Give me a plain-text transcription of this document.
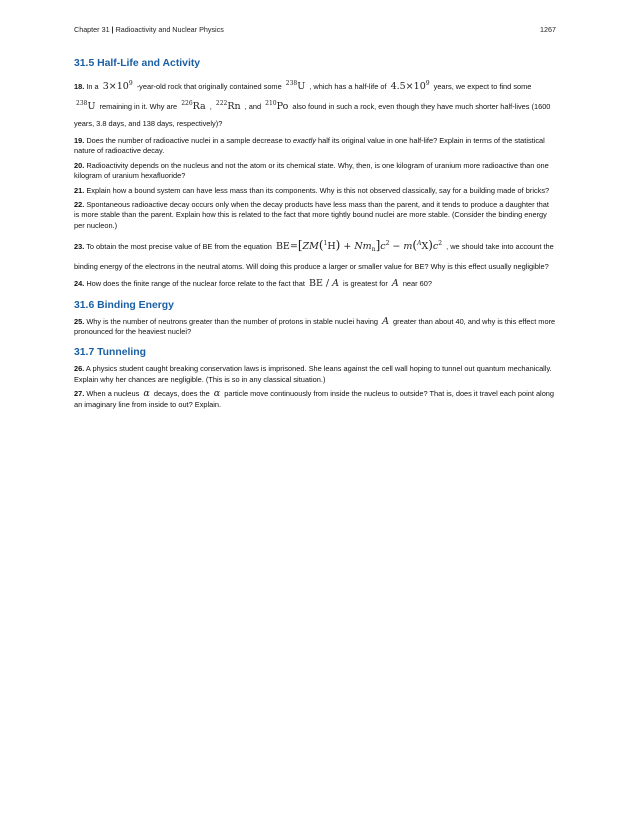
Chapter 31 | Radioactivity and Nuclear Physics	1267
31.5 Half-Life and Activity

18. In a $3\times 10^9$ -year-old rock that originally contained some $^{238}$U , which has a half-life of $4.5\times 10^9$ years, we expect to find some $^{238}$U remaining in it. Why are $^{226}$Ra , $^{222}$Rn , and $^{210}$Po also found in such a rock, even though they have much shorter half-lives (1600 years, 3.8 days, and 138 days, respectively)?

19. Does the number of radioactive nuclei in a sample decrease to exactly half its original value in one half-life? Explain in terms of the statistical nature of radioactive decay.

20. Radioactivity depends on the nucleus and not the atom or its chemical state. Why, then, is one kilogram of uranium more radioactive than one kilogram of uranium hexafluoride?

21. Explain how a bound system can have less mass than its components. Why is this not observed classically, say for a building made of bricks?

22. Spontaneous radioactive decay occurs only when the decay products have less mass than the parent, and it tends to produce a daughter that is more stable than the parent. Explain how this is related to the fact that more tightly bound nuclei are more stable. (Consider the binding energy per nucleon.)

23. To obtain the most precise value of BE from the equation $BE=[ZM(^1H) + Nm_n]c^2 - m(^AX)c^2$ , we should take into account the binding energy of the electrons in the neutral atoms. Will doing this produce a larger or smaller value for BE? Why is this effect usually negligible?

24. How does the finite range of the nuclear force relate to the fact that BE / A is greatest for A near 60?

31.6 Binding Energy

25. Why is the number of neutrons greater than the number of protons in stable nuclei having A greater than about 40, and why is this effect more pronounced for the heaviest nuclei?

31.7 Tunneling

26. A physics student caught breaking conservation laws is imprisoned. She leans against the cell wall hoping to tunnel out quantum mechanically. Explain why her chances are negligible. (This is so in any classical situation.)

27. When a nucleus α decays, does the α particle move continuously from inside the nucleus to outside? That is, does it travel each point along an imaginary line from inside to out? Explain.
